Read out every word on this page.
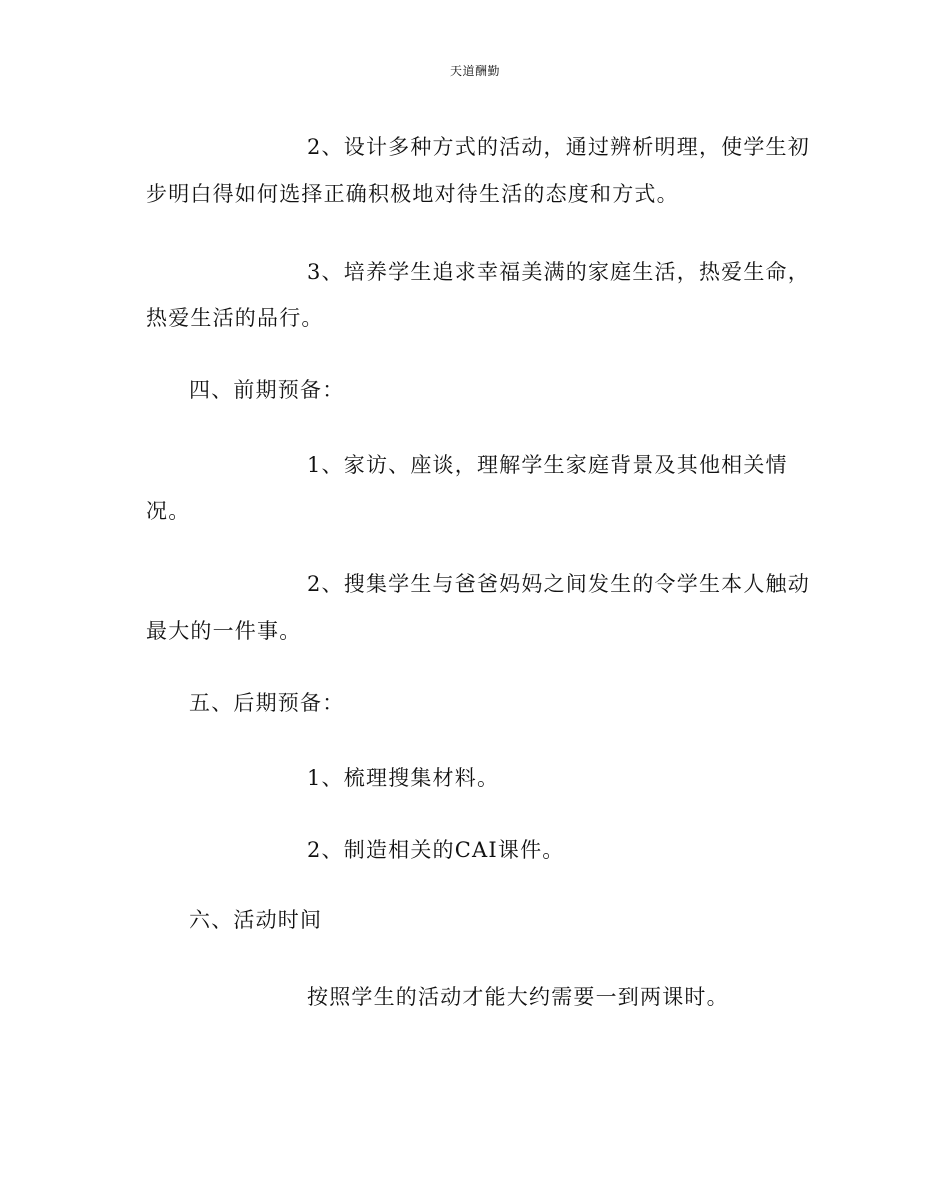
天道酬勤
2、设计多种方式的活动，通过辨析明理，使学生初
步明白得如何选择正确积极地对待生活的态度和方式。
3、培养学生追求幸福美满的家庭生活，热爱生命，
热爱生活的品行。
四、前期预备：
1、家访、座谈，理解学生家庭背景及其他相关情
况。
2、搜集学生与爸爸妈妈之间发生的令学生本人触动
最大的一件事。
五、后期预备：
1、梳理搜集材料。
2、制造相关的CAI课件。
六、活动时间
按照学生的活动才能大约需要一到两课时。
